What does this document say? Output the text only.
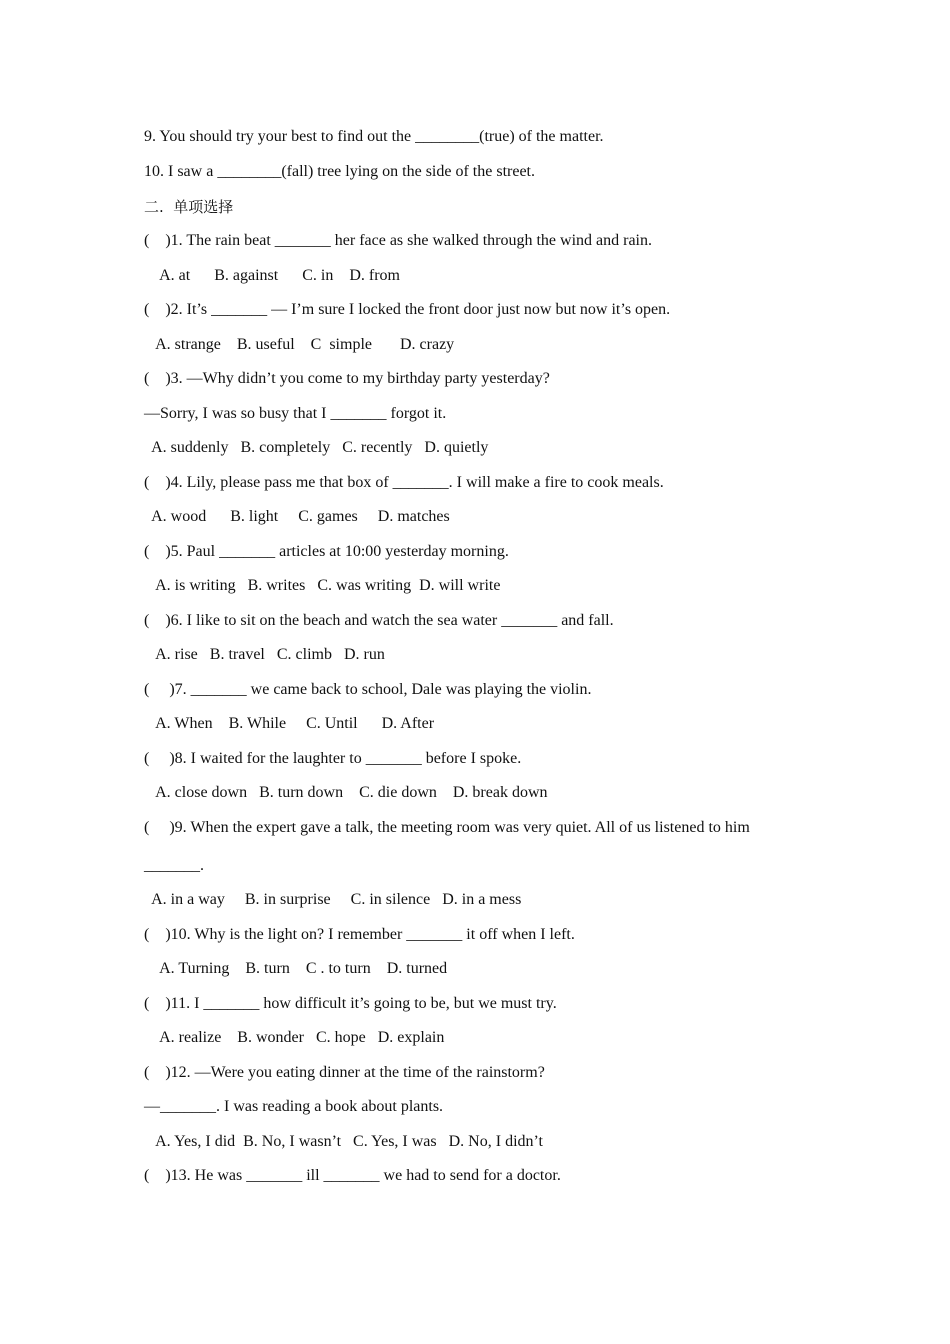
9. You should try your best to find out the ________(true) of the matter.
10. I saw a ________(fall) tree lying on the side of the street.
二.  单项选择
(    )1. The rain beat _______ her face as she walked through the wind and rain.
A. at      B. against      C. in    D. from
(    )2. It’s _______ — I’m sure I locked the front door just now but now it’s open.
A. strange    B. useful    C  simple       D. crazy
(    )3. —Why didn’t you come to my birthday party yesterday?
—Sorry, I was so busy that I _______ forgot it.
A. suddenly   B. completely   C. recently   D. quietly
(    )4. Lily, please pass me that box of _______. I will make a fire to cook meals.
A. wood      B. light     C. games     D. matches
(    )5. Paul _______ articles at 10:00 yesterday morning.
A. is writing   B. writes   C. was writing  D. will write
(    )6. I like to sit on the beach and watch the sea water _______ and fall.
A. rise   B. travel   C. climb   D. run
(     )7. _______ we came back to school, Dale was playing the violin.
A. When    B. While     C. Until      D. After
(     )8. I waited for the laughter to _______ before I spoke.
A. close down   B. turn down    C. die down    D. break down
(     )9. When the expert gave a talk, the meeting room was very quiet. All of us listened to him
_______.
A. in a way     B. in surprise     C. in silence   D. in a mess
(    )10. Why is the light on? I remember _______ it off when I left.
A. Turning    B. turn    C . to turn    D. turned
(    )11. I _______ how difficult it’s going to be, but we must try.
A. realize    B. wonder   C. hope   D. explain
(    )12. —Were you eating dinner at the time of the rainstorm?
—_______. I was reading a book about plants.
A. Yes, I did  B. No, I wasn’t   C. Yes, I was   D. No, I didn’t
(    )13. He was _______ ill _______ we had to send for a doctor.
